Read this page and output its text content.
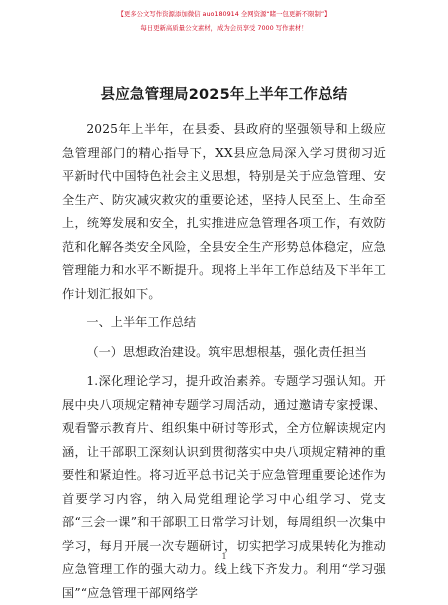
【更多公文写作资源添加微信 auo180914 全网资源“睹一包更新不限制”】
每日更新高质量公文素材，成为会员享受 7000 写作素材！
县应急管理局2025年上半年工作总结

2025年上半年，在县委、县政府的坚强领导和上级应急管理部门的精心指导下，XX县应急局深入学习贯彻习近平新时代中国特色社会主义思想，特别是关于应急管理、安全生产、防灾减灾救灾的重要论述，坚持人民至上、生命至上，统筹发展和安全，扎实推进应急管理各项工作，有效防范和化解各类安全风险，全县安全生产形势总体稳定，应急管理能力和水平不断提升。现将上半年工作总结及下半年工作计划汇报如下。

一、上半年工作总结

（一）思想政治建设。筑牢思想根基，强化责任担当

1.深化理论学习，提升政治素养。专题学习强认知。开展中央八项规定精神专题学习周活动，通过邀请专家授课、观看警示教育片、组织集中研讨等形式，全方位解读规定内涵，让干部职工深刻认识到贯彻落实中央八项规定精神的重要性和紧迫性。将习近平总书记关于应急管理重要论述作为首要学习内容，纳入局党组理论学习中心组学习、党支部“三会一课”和干部职工日常学习计划，每周组织一次集中学习，每月开展一次专题研讨，切实把学习成果转化为推动应急管理工作的强大动力。线上线下齐发力。利用“学习强国”“应急管理干部网络学

1
